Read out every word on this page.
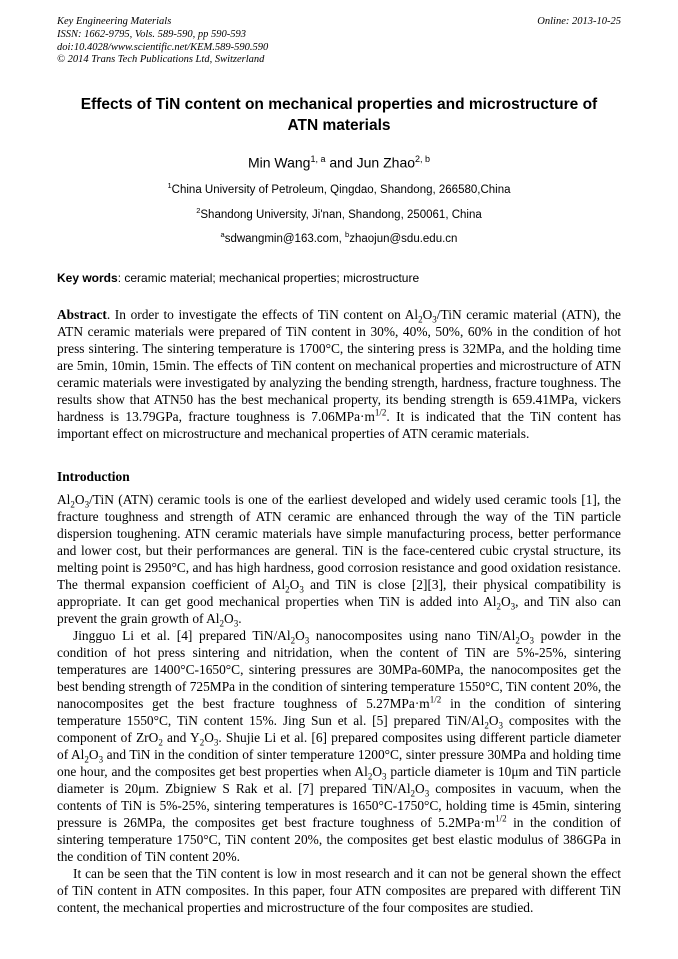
Key Engineering Materials
ISSN: 1662-9795, Vols. 589-590, pp 590-593
doi:10.4028/www.scientific.net/KEM.589-590.590
© 2014 Trans Tech Publications Ltd, Switzerland
Online: 2013-10-25
Effects of TiN content on mechanical properties and microstructure of ATN materials
Min Wang$^{1, a}$ and Jun Zhao$^{2, b}$
$^1$China University of Petroleum, Qingdao, Shandong, 266580,China
$^2$Shandong University, Ji'nan, Shandong, 250061, China
$^a$sdwangmin@163.com, $^b$zhaojun@sdu.edu.cn

Key words: ceramic material; mechanical properties; microstructure

Abstract. In order to investigate the effects of TiN content on $Al_2O_3$/TiN ceramic material (ATN), the ATN ceramic materials were prepared of TiN content in 30%, 40%, 50%, 60% in the condition of hot press sintering. The sintering temperature is 1700°C, the sintering press is 32MPa, and the holding time are 5min, 10min, 15min. The effects of TiN content on mechanical properties and microstructure of ATN ceramic materials were investigated by analyzing the bending strength, hardness, fracture toughness. The results show that ATN50 has the best mechanical property, its bending strength is 659.41MPa, vickers hardness is 13.79GPa, fracture toughness is $7.06MPa\cdot m^{1/2}$. It is indicated that the TiN content has important effect on microstructure and mechanical properties of ATN ceramic materials.

Introduction

$Al_2O_3$/TiN (ATN) ceramic tools is one of the earliest developed and widely used ceramic tools [1], the fracture toughness and strength of ATN ceramic are enhanced through the way of the TiN particle dispersion toughening. ATN ceramic materials have simple manufacturing process, better performance and lower cost, but their performances are general. TiN is the face-centered cubic crystal structure, its melting point is 2950°C, and has high hardness, good corrosion resistance and good oxidation resistance. The thermal expansion coefficient of $Al_2O_3$ and TiN is close [2][3], their physical compatibility is appropriate. It can get good mechanical properties when TiN is added into $Al_2O_3$, and TiN also can prevent the grain growth of $Al_2O_3$.

Jingguo Li et al. [4] prepared TiN/$Al_2O_3$ nanocomposites using nano TiN/$Al_2O_3$ powder in the condition of hot press sintering and nitridation, when the content of TiN are 5%-25%, sintering temperatures are 1400°C-1650°C, sintering pressures are 30MPa-60MPa, the nanocomposites get the best bending strength of 725MPa in the condition of sintering temperature 1550°C, TiN content 20%, the nanocomposites get the best fracture toughness of $5.27MPa\cdot m^{1/2}$ in the condition of sintering temperature 1550°C, TiN content 15%. Jing Sun et al. [5] prepared TiN/$Al_2O_3$ composites with the component of ZrO$_2$ and $Y_2O_3$. Shujie Li et al. [6] prepared composites using different particle diameter of $Al_2O_3$ and TiN in the condition of sinter temperature 1200°C, sinter pressure 30MPa and holding time one hour, and the composites get best properties when $Al_2O_3$ particle diameter is 10μm and TiN particle diameter is 20μm. Zbigniew S Rak et al. [7] prepared TiN/$Al_2O_3$ composites in vacuum, when the contents of TiN is 5%-25%, sintering temperatures is 1650°C-1750°C, holding time is 45min, sintering pressure is 26MPa, the composites get best fracture toughness of $5.2MPa\cdot m^{1/2}$ in the condition of sintering temperature 1750°C, TiN content 20%, the composites get best elastic modulus of 386GPa in the condition of TiN content 20%.

It can be seen that the TiN content is low in most research and it can not be general shown the effect of TiN content in ATN composites. In this paper, four ATN composites are prepared with different TiN content, the mechanical properties and microstructure of the four composites are studied.
